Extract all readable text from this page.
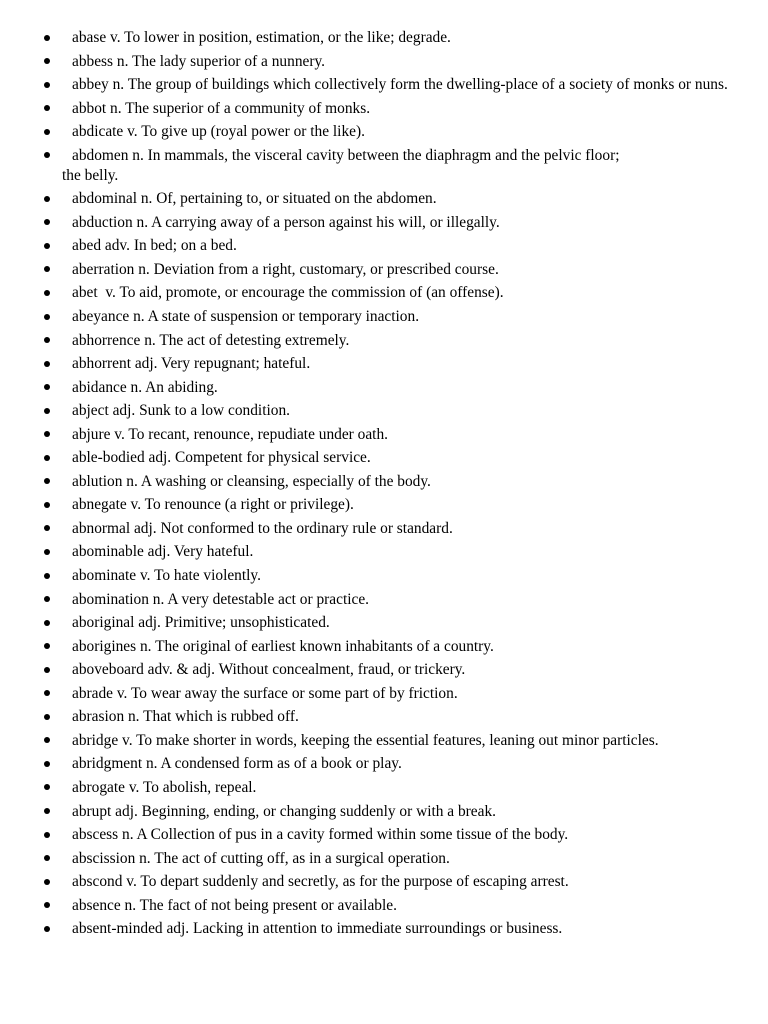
abase v. To lower in position, estimation, or the like; degrade.
abbess n. The lady superior of a nunnery.
abbey n. The group of buildings which collectively form the dwelling-place of a society of monks or nuns.
abbot n. The superior of a community of monks.
abdicate v. To give up (royal power or the like).
abdomen n. In mammals, the visceral cavity between the diaphragm and the pelvic floor;
the belly.
abdominal n. Of, pertaining to, or situated on the abdomen.
abduction n. A carrying away of a person against his will, or illegally.
abed adv. In bed; on a bed.
aberration n. Deviation from a right, customary, or prescribed course.
abet  v. To aid, promote, or encourage the commission of (an offense).
abeyance n. A state of suspension or temporary inaction.
abhorrence n. The act of detesting extremely.
abhorrent adj. Very repugnant; hateful.
abidance n. An abiding.
abject adj. Sunk to a low condition.
abjure v. To recant, renounce, repudiate under oath.
able-bodied adj. Competent for physical service.
ablution n. A washing or cleansing, especially of the body.
abnegate v. To renounce (a right or privilege).
abnormal adj. Not conformed to the ordinary rule or standard.
abominable adj. Very hateful.
abominate v. To hate violently.
abomination n. A very detestable act or practice.
aboriginal adj. Primitive; unsophisticated.
aborigines n. The original of earliest known inhabitants of a country.
aboveboard adv. & adj. Without concealment, fraud, or trickery.
abrade v. To wear away the surface or some part of by friction.
abrasion n. That which is rubbed off.
abridge v. To make shorter in words, keeping the essential features, leaning out minor particles.
abridgment n. A condensed form as of a book or play.
abrogate v. To abolish, repeal.
abrupt adj. Beginning, ending, or changing suddenly or with a break.
abscess n. A Collection of pus in a cavity formed within some tissue of the body.
abscission n. The act of cutting off, as in a surgical operation.
abscond v. To depart suddenly and secretly, as for the purpose of escaping arrest.
absence n. The fact of not being present or available.
absent-minded adj. Lacking in attention to immediate surroundings or business.
